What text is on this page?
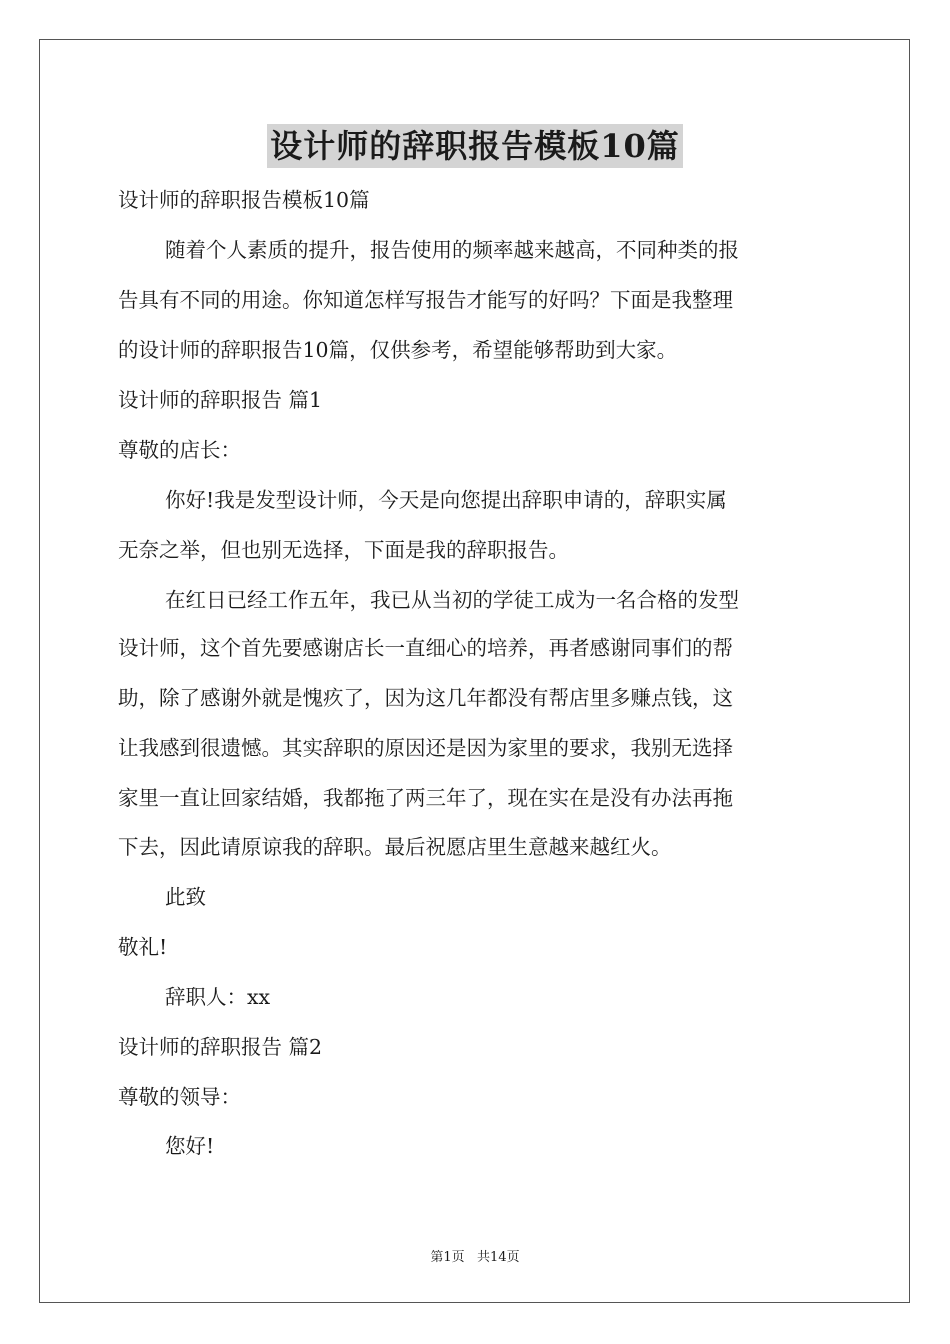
设计师的辞职报告模板10篇
设计师的辞职报告模板10篇
随着个人素质的提升，报告使用的频率越来越高，不同种类的报
告具有不同的用途。你知道怎样写报告才能写的好吗？下面是我整理
的设计师的辞职报告10篇，仅供参考，希望能够帮助到大家。
设计师的辞职报告 篇1
尊敬的店长：
你好!我是发型设计师，今天是向您提出辞职申请的，辞职实属
无奈之举，但也别无选择，下面是我的辞职报告。
在红日已经工作五年，我已从当初的学徒工成为一名合格的发型
设计师，这个首先要感谢店长一直细心的培养，再者感谢同事们的帮
助，除了感谢外就是愧疚了，因为这几年都没有帮店里多赚点钱，这
让我感到很遗憾。其实辞职的原因还是因为家里的要求，我别无选择
家里一直让回家结婚，我都拖了两三年了，现在实在是没有办法再拖
下去，因此请原谅我的辞职。最后祝愿店里生意越来越红火。
此致
敬礼!
辞职人：xx
设计师的辞职报告 篇2
尊敬的领导：
您好!
第1页   共14页
